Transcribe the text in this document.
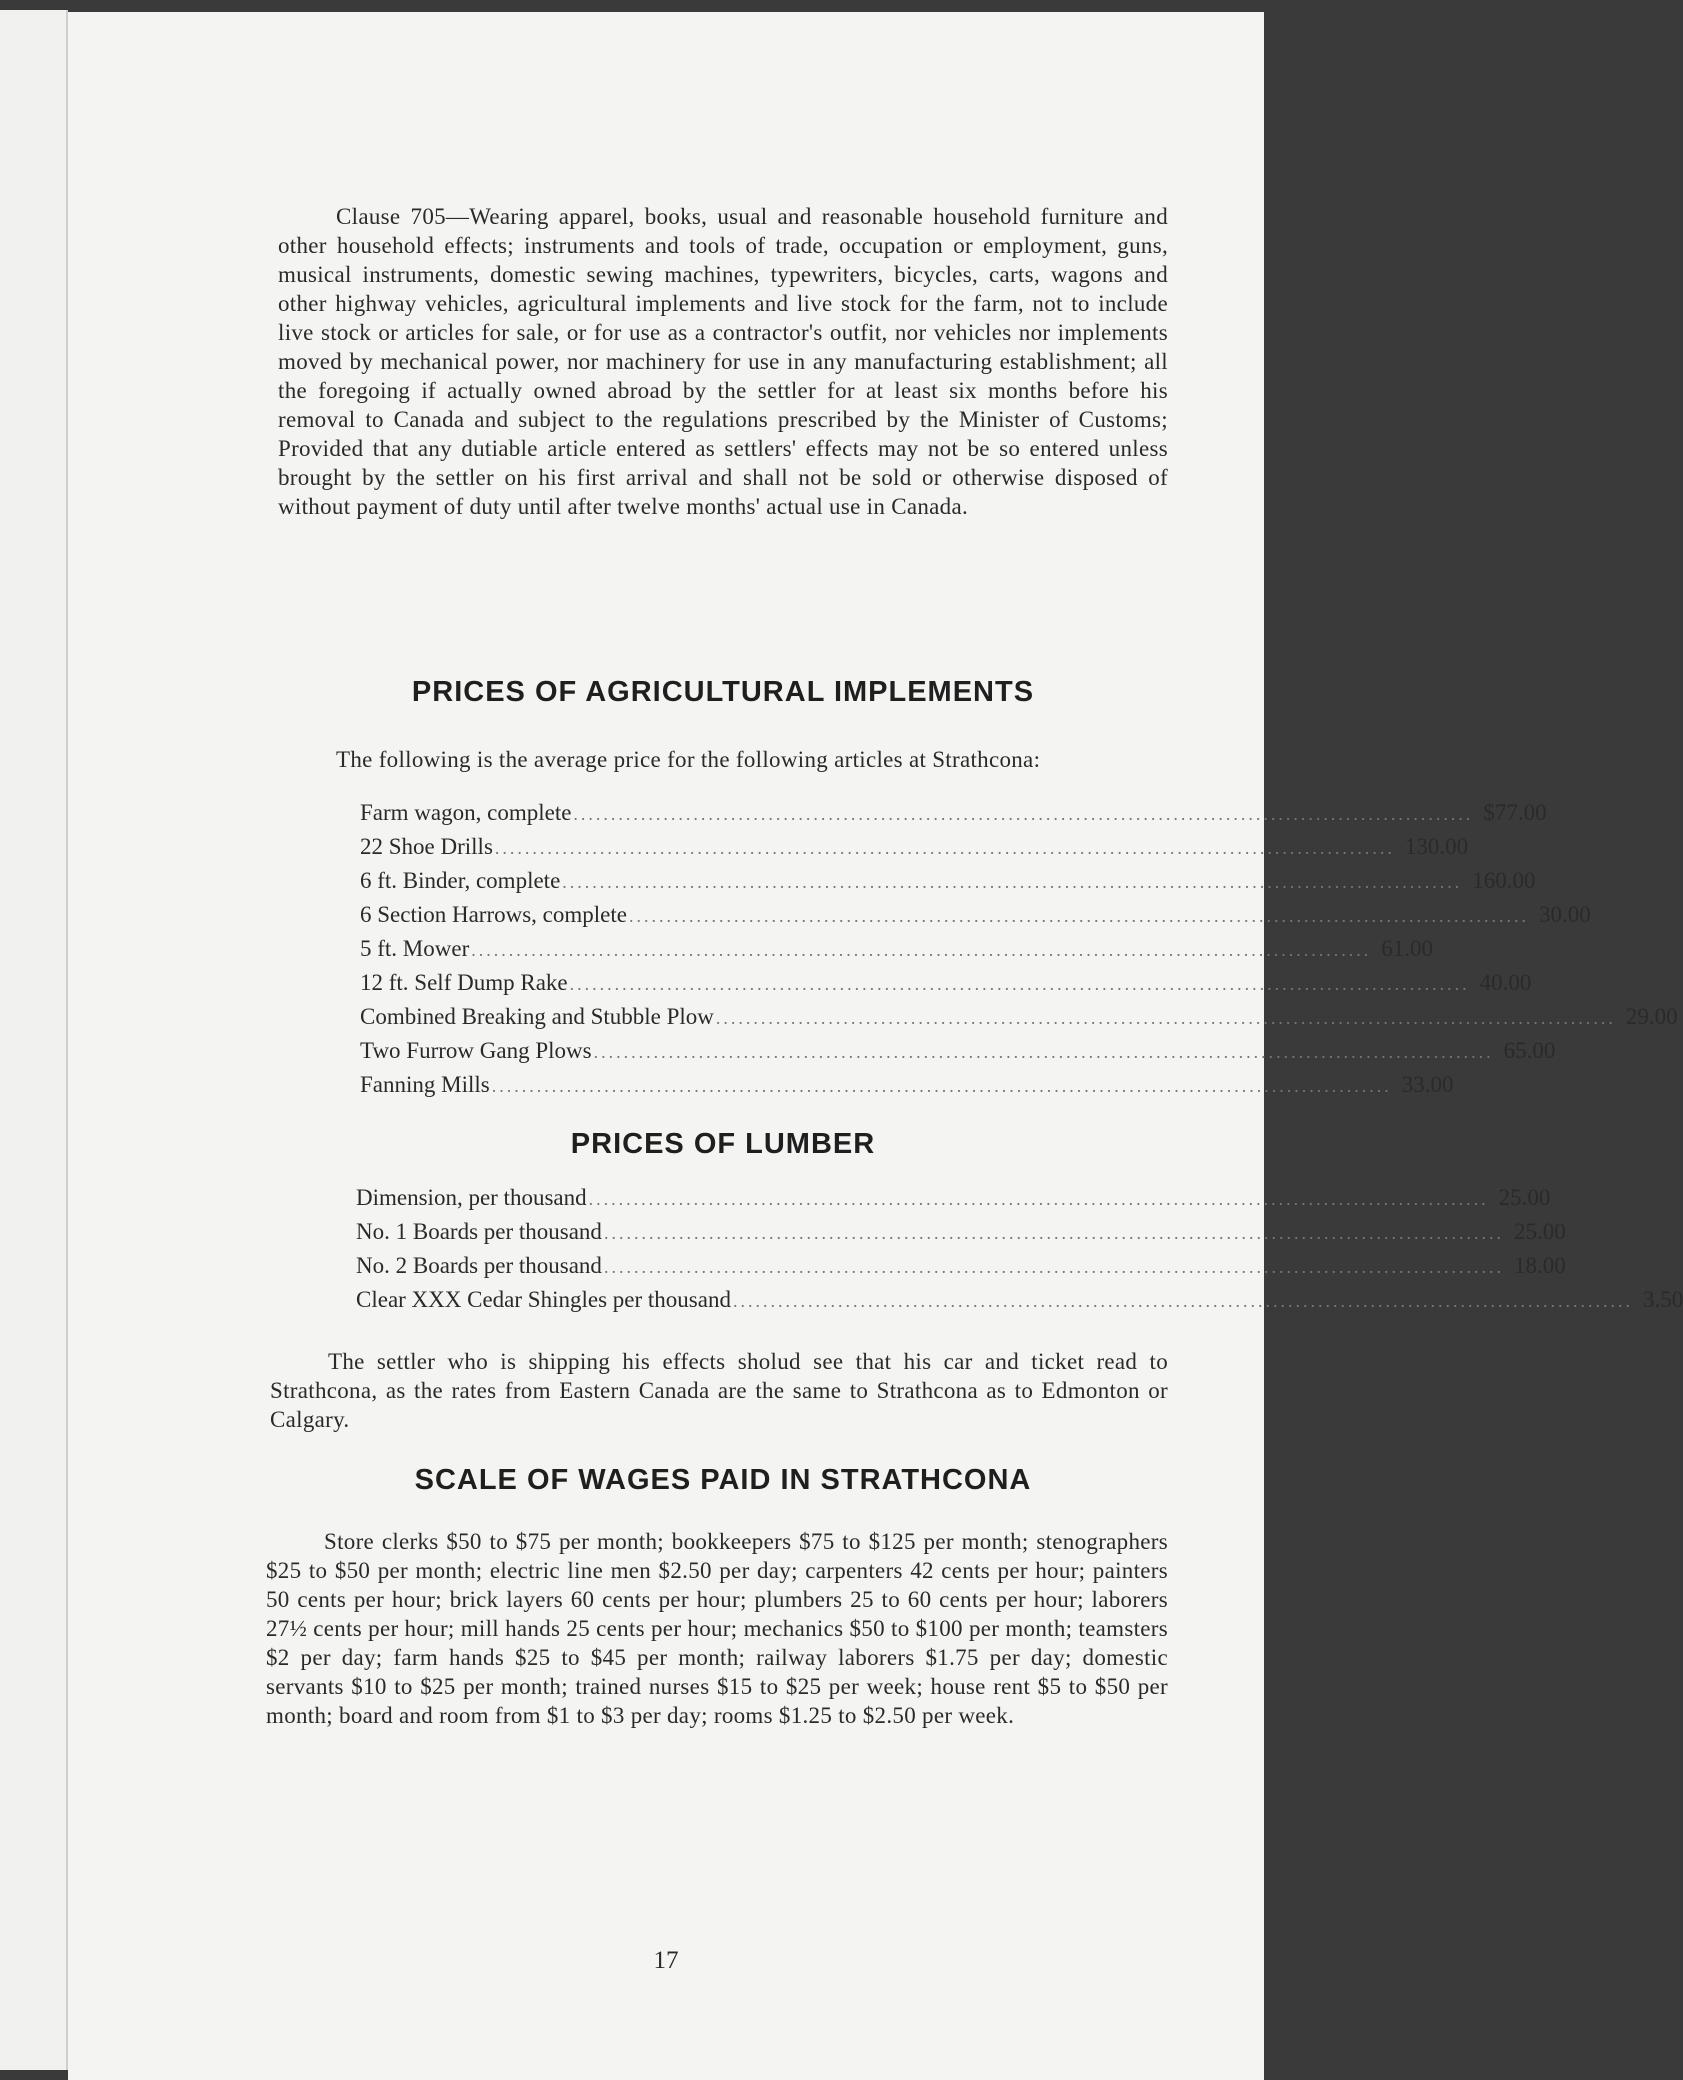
Clause 705—Wearing apparel, books, usual and reasonable household furniture and other household effects; instruments and tools of trade, occupation or employment, guns, musical instruments, domestic sewing machines, typewriters, bicycles, carts, wagons and other highway vehicles, agricultural implements and live stock for the farm, not to include live stock or articles for sale, or for use as a contractor's outfit, nor vehicles nor implements moved by mechanical power, nor machinery for use in any manufacturing establishment; all the foregoing if actually owned abroad by the settler for at least six months before his removal to Canada and subject to the regulations prescribed by the Minister of Customs; Provided that any dutiable article entered as settlers' effects may not be so entered unless brought by the settler on his first arrival and shall not be sold or otherwise disposed of without payment of duty until after twelve months' actual use in Canada.

PRICES OF AGRICULTURAL IMPLEMENTS

The following is the average price for the following articles at Strathcona:

Farm wagon, complete ........................................................................................................................ $ 77.00
22 Shoe Drills ........................................................................................................................ 130.00
6 ft. Binder, complete ........................................................................................................................ 160.00
6 Section Harrows, complete ........................................................................................................................ 30.00
5 ft. Mower ........................................................................................................................ 61.00
12 ft. Self Dump Rake ........................................................................................................................ 40.00
Combined Breaking and Stubble Plow ........................................................................................................................ 29.00
Two Furrow Gang Plows ........................................................................................................................ 65.00
Fanning Mills ........................................................................................................................ 33.00
PRICES OF LUMBER
Dimension, per thousand ........................................................................................................................ 25.00
No. 1 Boards per thousand ........................................................................................................................ 25.00
No. 2 Boards per thousand ........................................................................................................................ 18.00
Clear XXX Cedar Shingles per thousand ........................................................................................................................ 3.50

The settler who is shipping his effects sholud see that his car and ticket read to Strathcona, as the rates from Eastern Canada are the same to Strathcona as to Edmonton or Calgary.

SCALE OF WAGES PAID IN STRATHCONA

Store clerks $50 to $75 per month; bookkeepers $75 to $125 per month; stenographers $25 to $50 per month; electric line men $2.50 per day; carpenters 42 cents per hour; painters 50 cents per hour; brick layers 60 cents per hour; plumbers 25 to 60 cents per hour; laborers 27½ cents per hour; mill hands 25 cents per hour; mechanics $50 to $100 per month; teamsters $2 per day; farm hands $25 to $45 per month; railway laborers $1.75 per day; domestic servants $10 to $25 per month; trained nurses $15 to $25 per week; house rent $5 to $50 per month; board and room from $1 to $3 per day; rooms $1.25 to $2.50 per week.

17
